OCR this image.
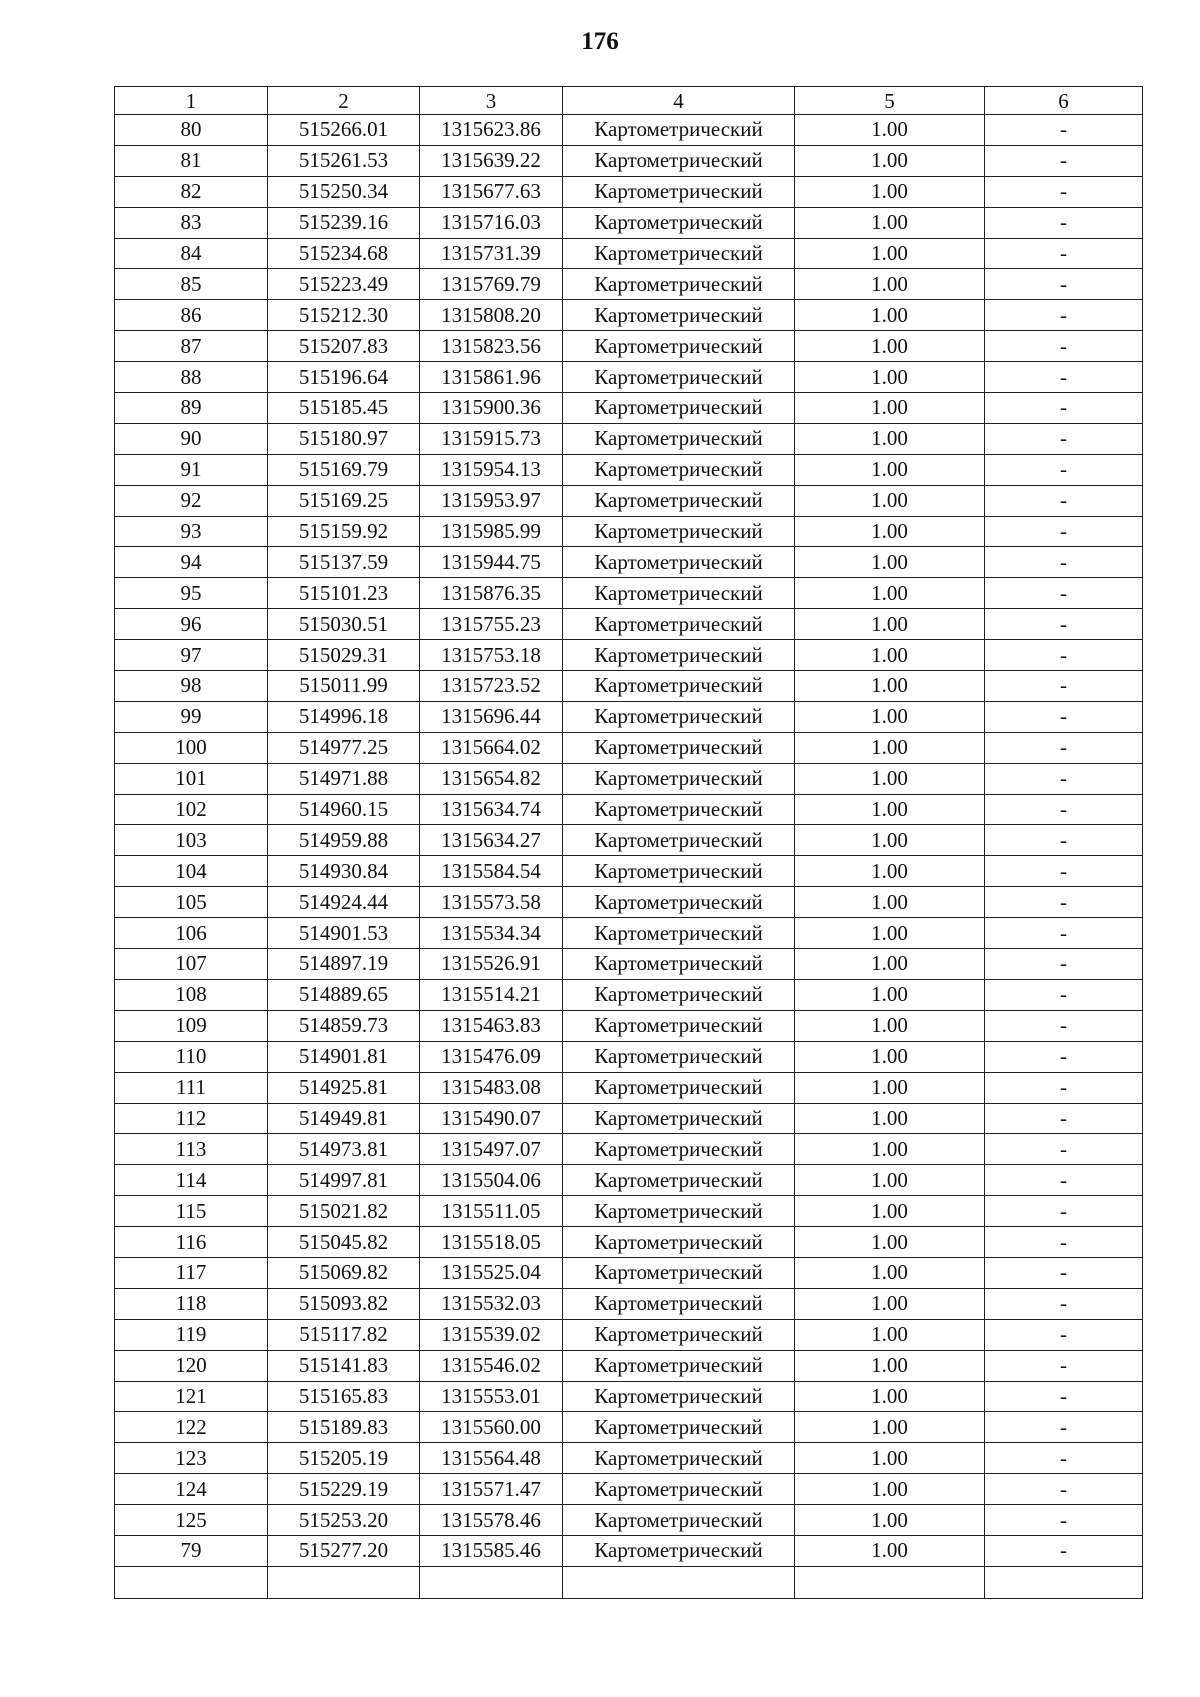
176
1	2	3	4	5	6
80	515266.01	1315623.86	Картометрический	1.00	-
81	515261.53	1315639.22	Картометрический	1.00	-
82	515250.34	1315677.63	Картометрический	1.00	-
83	515239.16	1315716.03	Картометрический	1.00	-
84	515234.68	1315731.39	Картометрический	1.00	-
85	515223.49	1315769.79	Картометрический	1.00	-
86	515212.30	1315808.20	Картометрический	1.00	-
87	515207.83	1315823.56	Картометрический	1.00	-
88	515196.64	1315861.96	Картометрический	1.00	-
89	515185.45	1315900.36	Картометрический	1.00	-
90	515180.97	1315915.73	Картометрический	1.00	-
91	515169.79	1315954.13	Картометрический	1.00	-
92	515169.25	1315953.97	Картометрический	1.00	-
93	515159.92	1315985.99	Картометрический	1.00	-
94	515137.59	1315944.75	Картометрический	1.00	-
95	515101.23	1315876.35	Картометрический	1.00	-
96	515030.51	1315755.23	Картометрический	1.00	-
97	515029.31	1315753.18	Картометрический	1.00	-
98	515011.99	1315723.52	Картометрический	1.00	-
99	514996.18	1315696.44	Картометрический	1.00	-
100	514977.25	1315664.02	Картометрический	1.00	-
101	514971.88	1315654.82	Картометрический	1.00	-
102	514960.15	1315634.74	Картометрический	1.00	-
103	514959.88	1315634.27	Картометрический	1.00	-
104	514930.84	1315584.54	Картометрический	1.00	-
105	514924.44	1315573.58	Картометрический	1.00	-
106	514901.53	1315534.34	Картометрический	1.00	-
107	514897.19	1315526.91	Картометрический	1.00	-
108	514889.65	1315514.21	Картометрический	1.00	-
109	514859.73	1315463.83	Картометрический	1.00	-
110	514901.81	1315476.09	Картометрический	1.00	-
111	514925.81	1315483.08	Картометрический	1.00	-
112	514949.81	1315490.07	Картометрический	1.00	-
113	514973.81	1315497.07	Картометрический	1.00	-
114	514997.81	1315504.06	Картометрический	1.00	-
115	515021.82	1315511.05	Картометрический	1.00	-
116	515045.82	1315518.05	Картометрический	1.00	-
117	515069.82	1315525.04	Картометрический	1.00	-
118	515093.82	1315532.03	Картометрический	1.00	-
119	515117.82	1315539.02	Картометрический	1.00	-
120	515141.83	1315546.02	Картометрический	1.00	-
121	515165.83	1315553.01	Картометрический	1.00	-
122	515189.83	1315560.00	Картометрический	1.00	-
123	515205.19	1315564.48	Картометрический	1.00	-
124	515229.19	1315571.47	Картометрический	1.00	-
125	515253.20	1315578.46	Картометрический	1.00	-
79	515277.20	1315585.46	Картометрический	1.00	-
